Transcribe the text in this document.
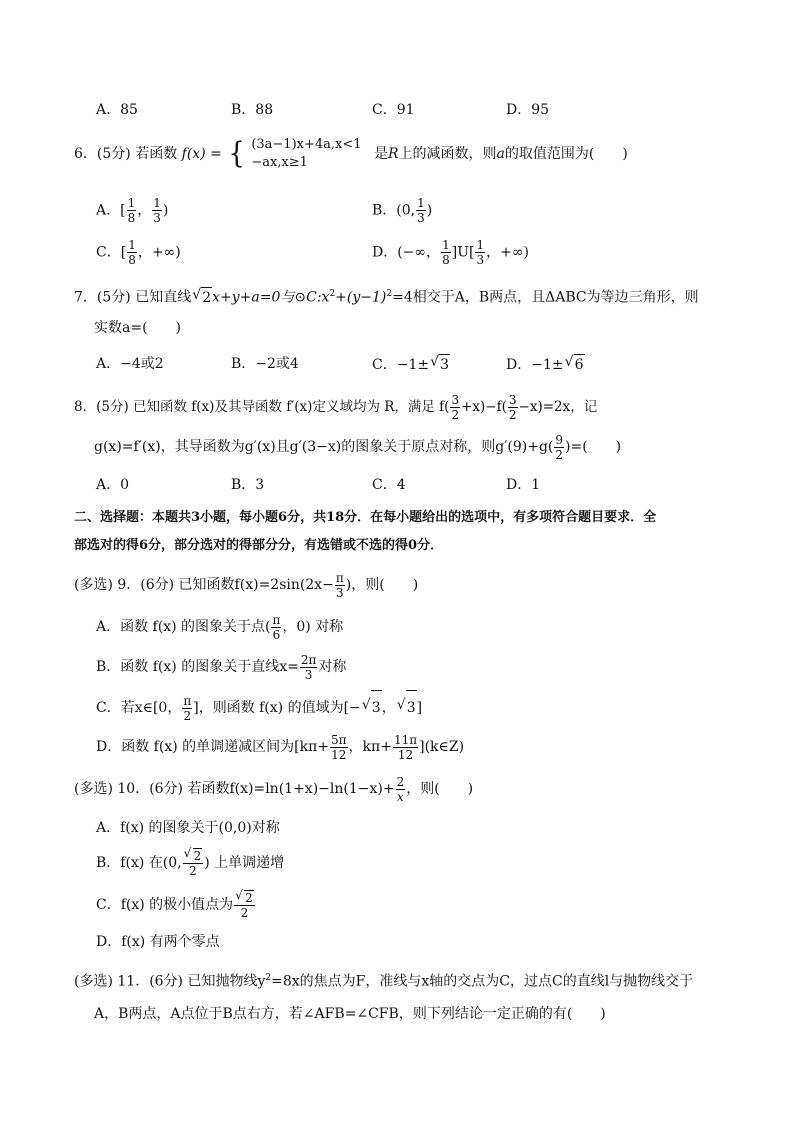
A．85	B．88	C．91	D．95
6．(5分) 若函数 f(x) = { (3a−1)x+4a,x<1
−ax,x≥1
是R上的减函数，则a的取值范围为(　　)
A．[ $\frac{1}{8}$ ， $\frac{1}{3}$ )	B．(0, $\frac{1}{3}$ )
C．[ $\frac{1}{8}$ ，+∞)	D．(−∞， $\frac{1}{8} ]U[ \frac{1}{3}$ ，+∞)
7．(5分) 已知直线 √ 2x+y+a=0与$⊙C:x^2+(y-1)^2=4$相交于A，B两点，且ΔABC为等边三角形，则
实数a=(　　)
A．−4或2	B．−2或4	C．−1± √ 3	D．−1± √ 6
8．(5分) 已知函数 f(x)及其导函数 f′(x)定义域均为 R，满足 $f( \frac{3}{2} +x)-f( \frac{3}{2} -x)=2x$，记
g(x)=f′(x)，其导函数为g′(x)且g′(3−x)的图象关于原点对称，则$g'(9)+g( \frac{9}{2}$ )=(　　)
A．0	B．3	C．4	D．1
二、选择题：本题共3小题，每小题6分，共18分．在每小题给出的选项中，有多项符合题目要求．全
部选对的得6分，部分选对的得部分分，有选错或不选的得0分．
(多选) 9．(6分) 已知函数$f(x)=2\sin(2x- \frac{\pi}{3}$ )，则(　　)
A．函数 f(x) 的图象关于点( $\frac{\pi}{6}$ ，0) 对称
B．函数 f(x) 的图象关于直线$x= \frac{2\pi}{3}$ 对称
C．若x∈[0， $\frac{\pi}{2}$ ]，则函数 f(x) 的值域为[− √ 3， √ 3]
D．函数 f(x) 的单调递减区间为[$k\pi+ \frac{5\pi}{12}$ ，$k\pi+ \frac{11\pi}{12}$ ](k∈Z)
(多选) 10．(6分) 若函数$f(x)=\ln(1+x)-\ln(1-x)+ \frac{2}{x}$ ，则(　　)
A．f(x) 的图象关于(0,0)对称
B．f(x) 在(0, √ $\frac{2}{2}$ ) 上单调递增
C．f(x) 的极小值点为 √ $\frac{2}{2}$
D．f(x) 有两个零点
(多选) 11．(6分) 已知抛物线$y^2=8x$的焦点为F，准线与x轴的交点为C，过点C的直线l与抛物线交于
A，B两点，A点位于B点右方，若∠AFB=∠CFB，则下列结论一定正确的有(　　)
